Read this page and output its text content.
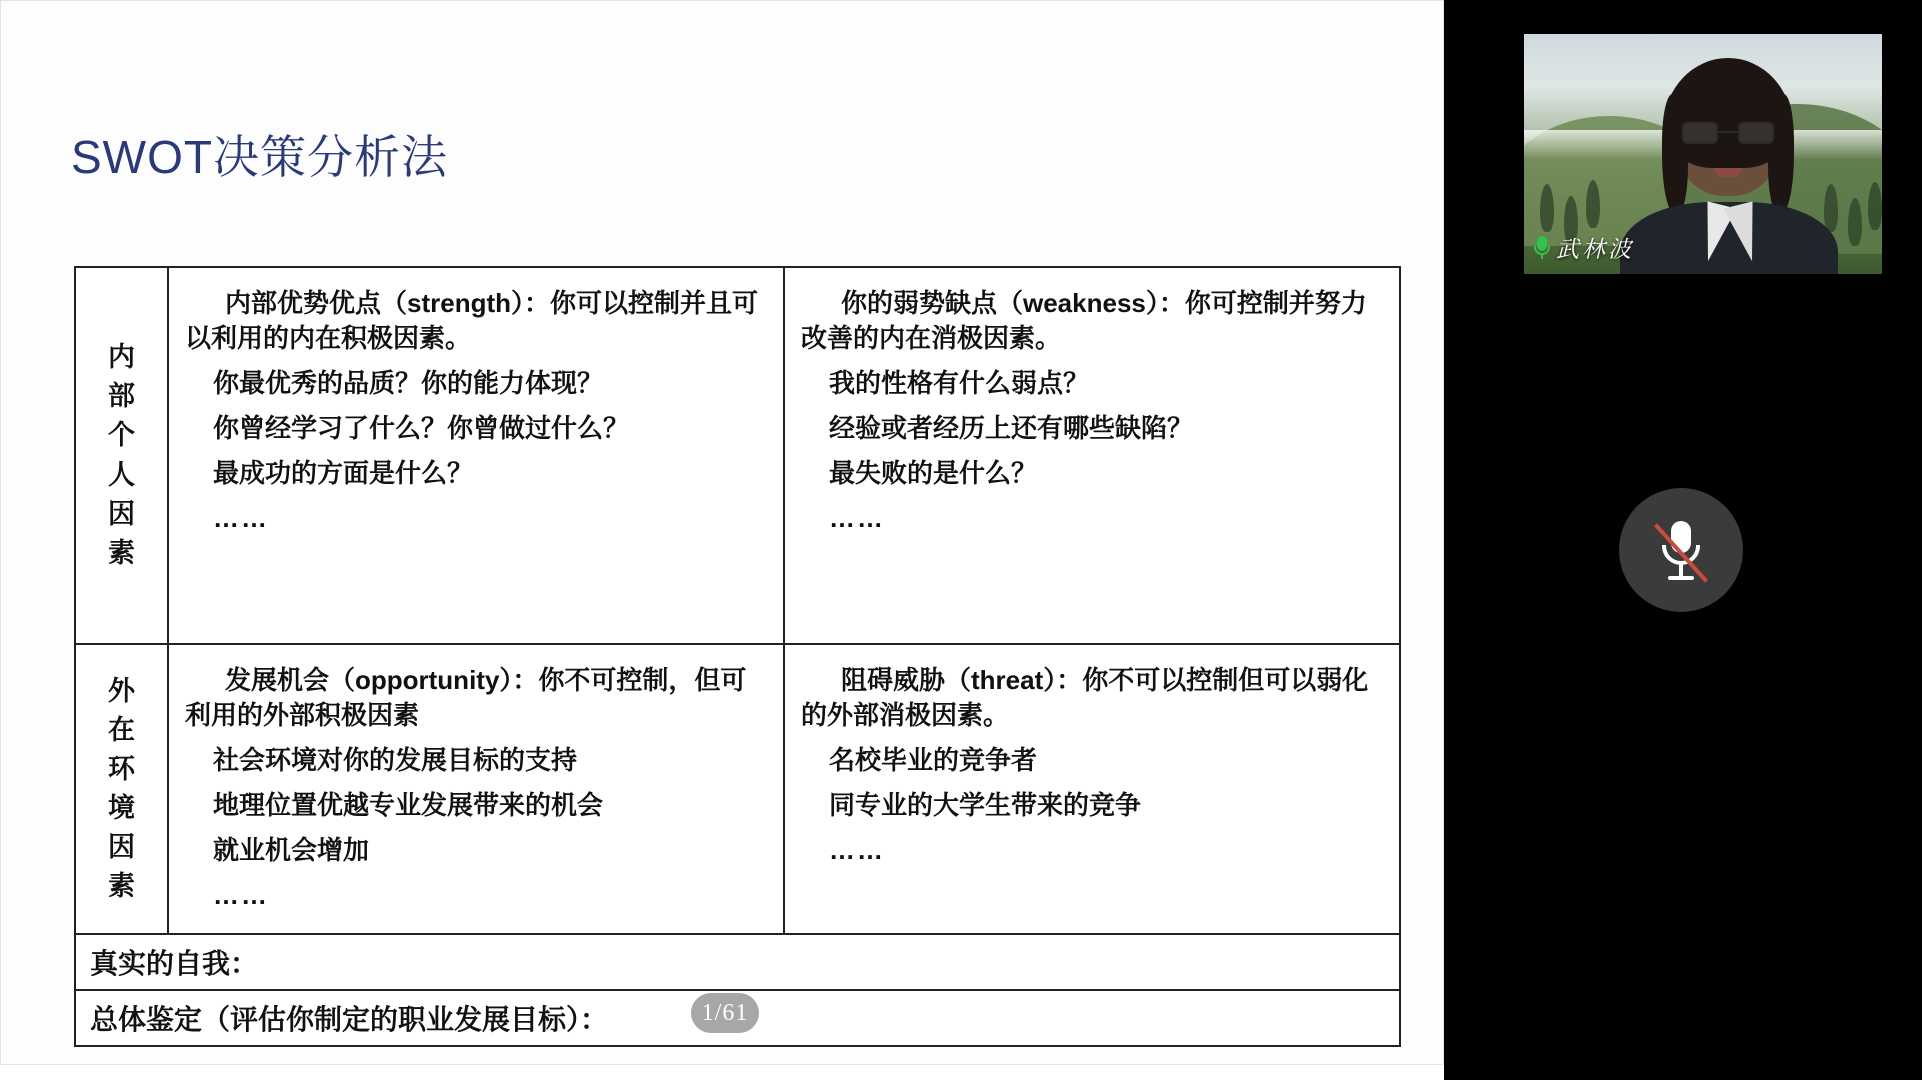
SWOT决策分析法
内
部
个
人
因
素
内部优势优点（strength）：你可以控制并且可以利用的内在积极因素。
你最优秀的品质？你的能力体现？
你曾经学习了什么？你曾做过什么？
最成功的方面是什么？
……
你的弱势缺点（weakness）：你可控制并努力改善的内在消极因素。
我的性格有什么弱点？
经验或者经历上还有哪些缺陷？
最失败的是什么？
……
外
在
环
境
因
素
发展机会（opportunity）：你不可控制，但可利用的外部积极因素
社会环境对你的发展目标的支持
地理位置优越专业发展带来的机会
就业机会增加
……
阻碍威胁（threat）：你不可以控制但可以弱化的外部消极因素。
名校毕业的竞争者
同专业的大学生带来的竞争
……
真实的自我：
总体鉴定（评估你制定的职业发展目标）：	1/61
武林波
